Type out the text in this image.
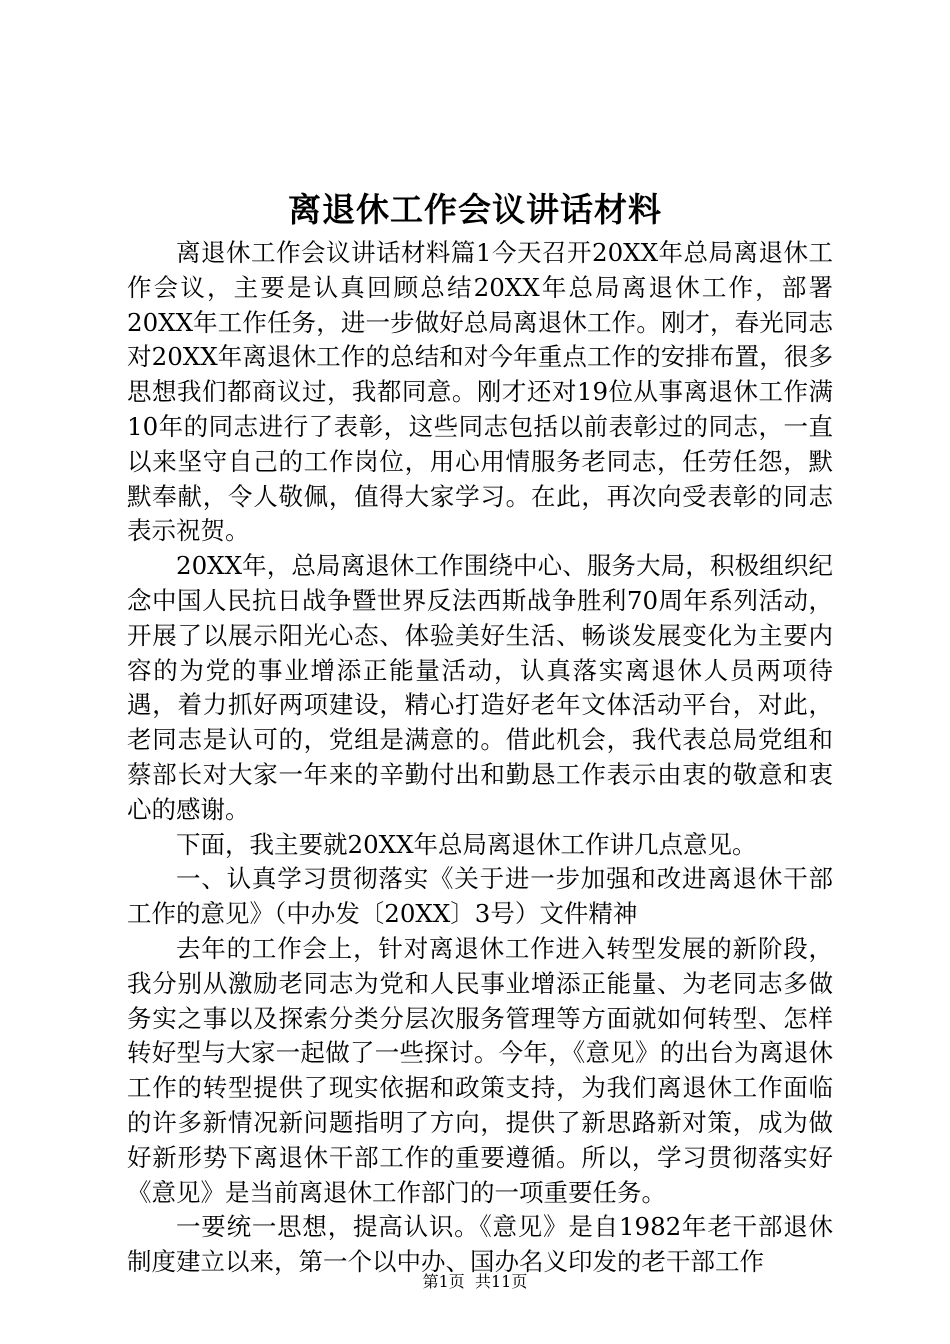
离退休工作会议讲话材料

离退休工作会议讲话材料篇1今天召开20XX年总局离退休工作会议，主要是认真回顾总结20XX年总局离退休工作，部署20XX年工作任务，进一步做好总局离退休工作。刚才，春光同志对20XX年离退休工作的总结和对今年重点工作的安排布置，很多思想我们都商议过，我都同意。刚才还对19位从事离退休工作满10年的同志进行了表彰，这些同志包括以前表彰过的同志，一直以来坚守自己的工作岗位，用心用情服务老同志，任劳任怨，默默奉献，令人敬佩，值得大家学习。在此，再次向受表彰的同志表示祝贺。

20XX年，总局离退休工作围绕中心、服务大局，积极组织纪念中国人民抗日战争暨世界反法西斯战争胜利70周年系列活动，开展了以展示阳光心态、体验美好生活、畅谈发展变化为主要内容的为党的事业增添正能量活动，认真落实离退休人员两项待遇，着力抓好两项建设，精心打造好老年文体活动平台，对此，老同志是认可的，党组是满意的。借此机会，我代表总局党组和蔡部长对大家一年来的辛勤付出和勤恳工作表示由衷的敬意和衷心的感谢。

下面，我主要就20XX年总局离退休工作讲几点意见。

一、认真学习贯彻落实《关于进一步加强和改进离退休干部工作的意见》（中办发〔20XX〕3号）文件精神

去年的工作会上，针对离退休工作进入转型发展的新阶段，我分别从激励老同志为党和人民事业增添正能量、为老同志多做务实之事以及探索分类分层次服务管理等方面就如何转型、怎样转好型与大家一起做了一些探讨。今年，《意见》的出台为离退休工作的转型提供了现实依据和政策支持，为我们离退休工作面临的许多新情况新问题指明了方向，提供了新思路新对策，成为做好新形势下离退休干部工作的重要遵循。所以，学习贯彻落实好《意见》是当前离退休工作部门的一项重要任务。

一要统一思想，提高认识。《意见》是自1982年老干部退休制度建立以来，第一个以中办、国办名义印发的老干部工作

第1页 共11页
